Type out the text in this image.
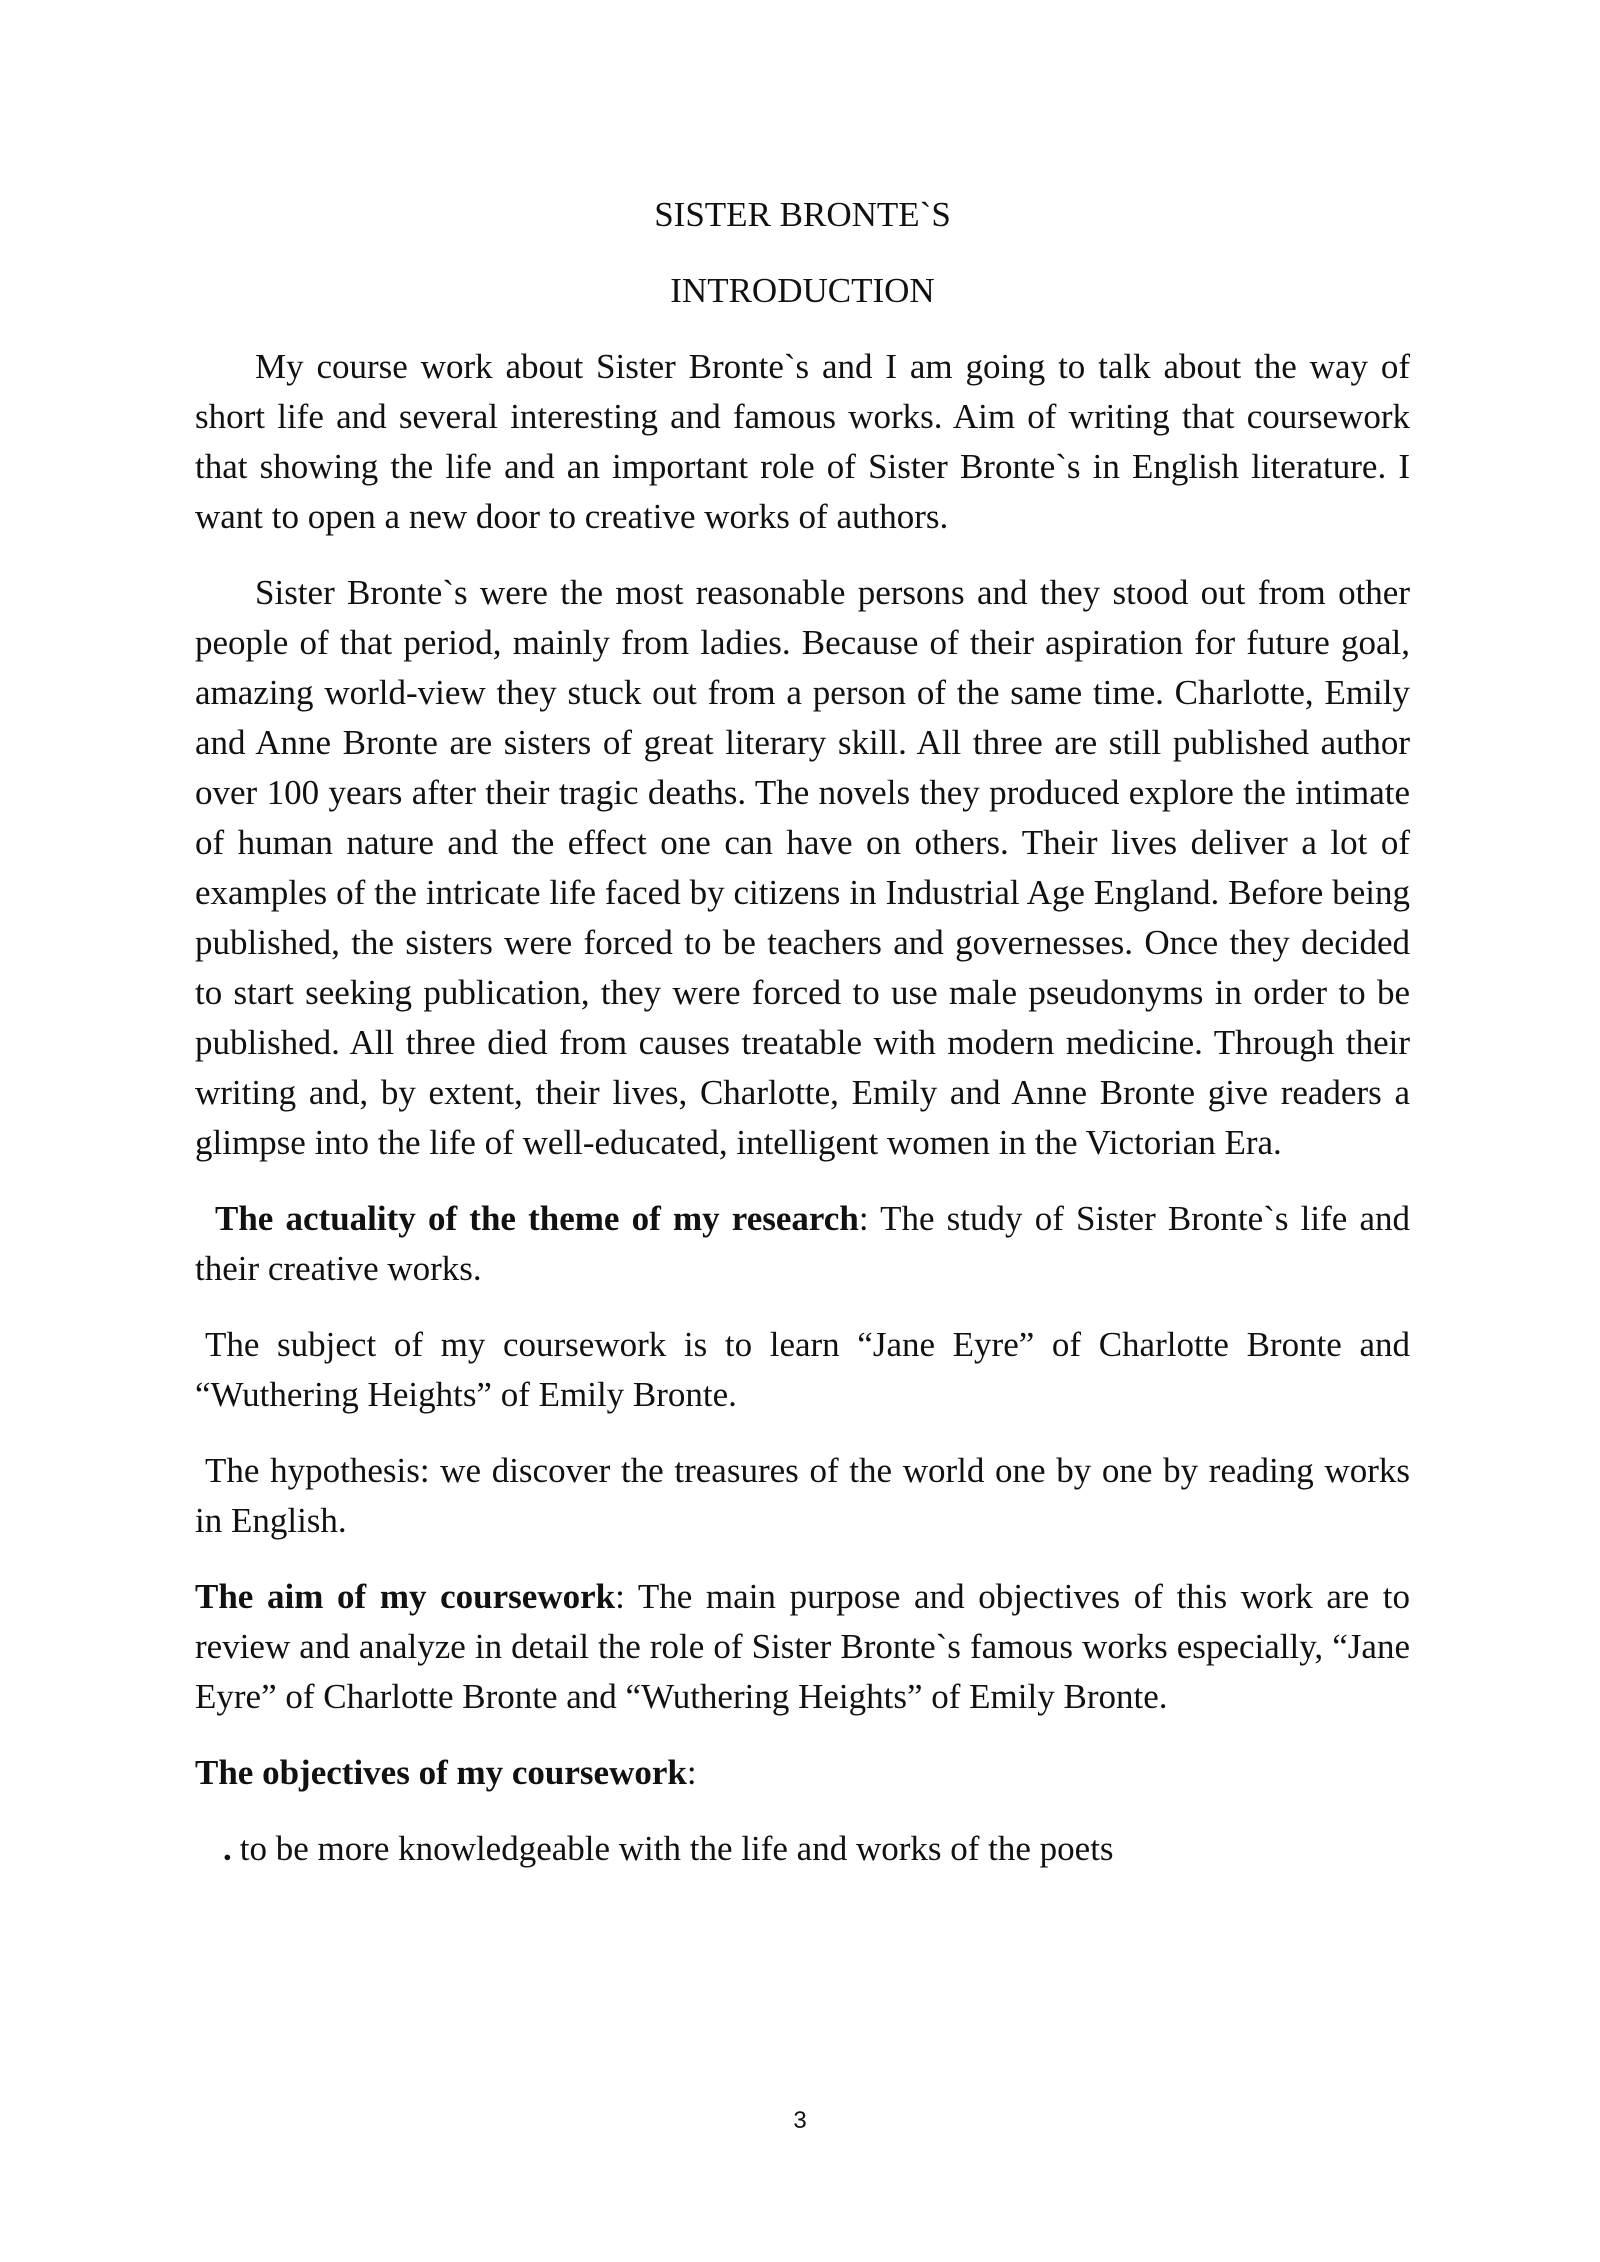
SISTER BRONTE`S
INTRODUCTION

My course work about Sister Bronte`s and I am going to talk about the way of short life and several interesting and famous works. Aim of writing that coursework that showing the life and an important role of Sister Bronte`s in English literature. I want to open a new door to creative works of authors.

Sister Bronte`s were the most reasonable persons and they stood out from other people of that period, mainly from ladies. Because of their aspiration for future goal, amazing world-view they stuck out from a person of the same time. Charlotte, Emily and Anne Bronte are sisters of great literary skill. All three are still published author over 100 years after their tragic deaths. The novels they produced explore the intimate of human nature and the effect one can have on others. Their lives deliver a lot of examples of the intricate life faced by citizens in Industrial Age England. Before being published, the sisters were forced to be teachers and governesses. Once they decided to start seeking publication, they were forced to use male pseudonyms in order to be published. All three died from causes treatable with modern medicine. Through their writing and, by extent, their lives, Charlotte, Emily and Anne Bronte give readers a glimpse into the life of well-educated, intelligent women in the Victorian Era.

The actuality of the theme of my research: The study of Sister Bronte`s life and their creative works.

The subject of my coursework is to learn “Jane Eyre” of Charlotte Bronte and “Wuthering Heights” of Emily Bronte.

The hypothesis: we discover the treasures of the world one by one by reading works in English.

The aim of my coursework: The main purpose and objectives of this work are to review and analyze in detail the role of Sister Bronte`s famous works especially, “Jane Eyre” of Charlotte Bronte and “Wuthering Heights” of Emily Bronte.

The objectives of my coursework:

. to be more knowledgeable with the life and works of the poets

3
